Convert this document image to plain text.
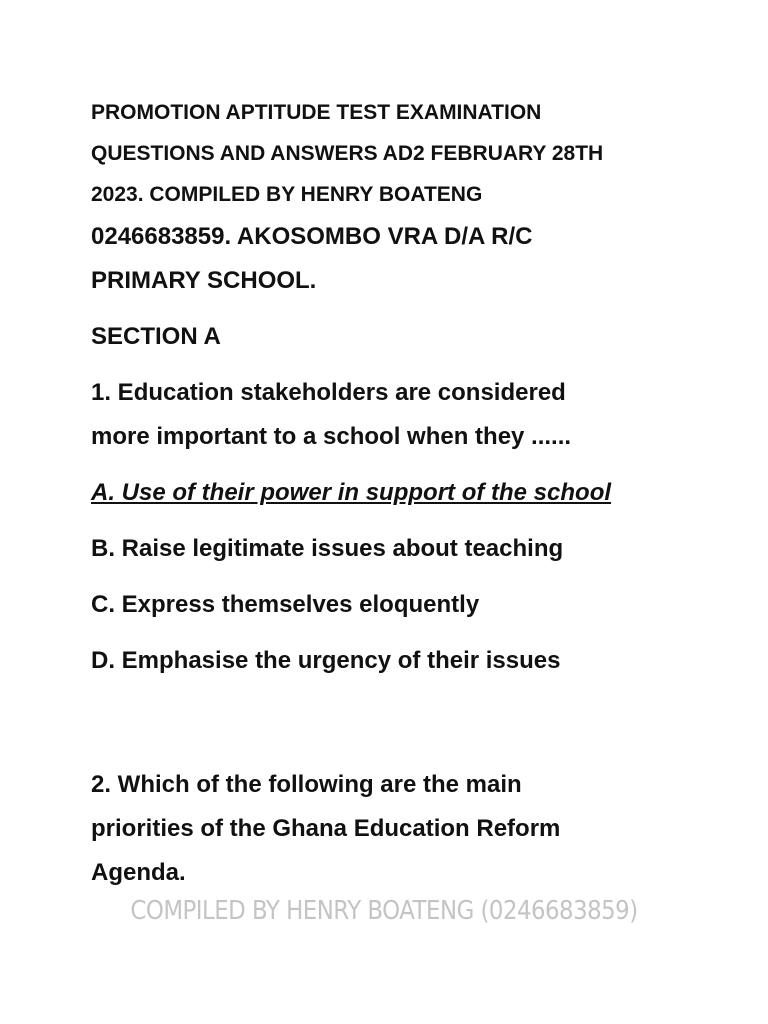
PROMOTION APTITUDE TEST EXAMINATION
QUESTIONS AND ANSWERS AD2 FEBRUARY 28TH
2023. COMPILED BY HENRY BOATENG
0246683859. AKOSOMBO VRA D/A R/C
PRIMARY SCHOOL.
SECTION A
1. Education stakeholders are considered
more important to a school when they ......
A. Use of their power in support of the school
B. Raise legitimate issues about teaching
C. Express themselves eloquently
D. Emphasise the urgency of their issues
2. Which of the following are the main
priorities of the Ghana Education Reform
Agenda.
COMPILED BY HENRY BOATENG (0246683859)
